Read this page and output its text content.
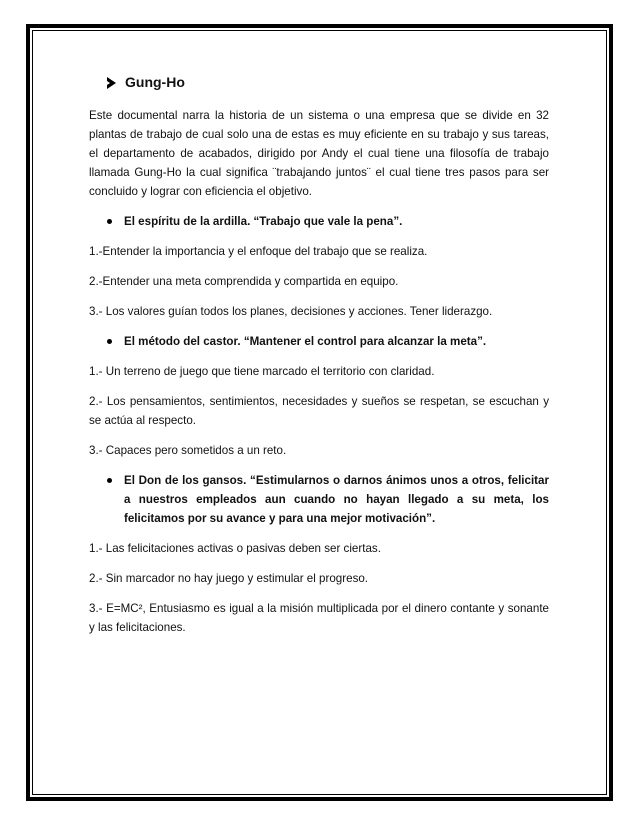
Gung-Ho

Este documental narra la historia de un sistema o una empresa que se divide en 32 plantas de trabajo de cual solo una de estas es muy eficiente en su trabajo y sus tareas, el departamento de acabados, dirigido por Andy el cual tiene una filosofía de trabajo llamada Gung-Ho la cual significa ¨trabajando juntos¨ el cual tiene tres pasos para ser concluido y lograr con eficiencia el objetivo.

El espíritu de la ardilla. “Trabajo que vale la pena”.

1.-Entender la importancia y el enfoque del trabajo que se realiza.

2.-Entender una meta comprendida y compartida en equipo.

3.- Los valores guían todos los planes, decisiones y acciones. Tener liderazgo.

El método del castor. “Mantener el control para alcanzar la meta”.

1.- Un terreno de juego que tiene marcado el territorio con claridad.

2.- Los pensamientos, sentimientos, necesidades y sueños se respetan, se escuchan y se actúa al respecto.

3.- Capaces pero sometidos a un reto.

El Don de los gansos. “Estimularnos o darnos ánimos unos a otros, felicitar a nuestros empleados aun cuando no hayan llegado a su meta, los felicitamos por su avance y para una mejor motivación”.

1.- Las felicitaciones activas o pasivas deben ser ciertas.

2.- Sin marcador no hay juego y estimular el progreso.

3.- E=MC², Entusiasmo es igual a la misión multiplicada por el dinero contante y sonante y las felicitaciones.
